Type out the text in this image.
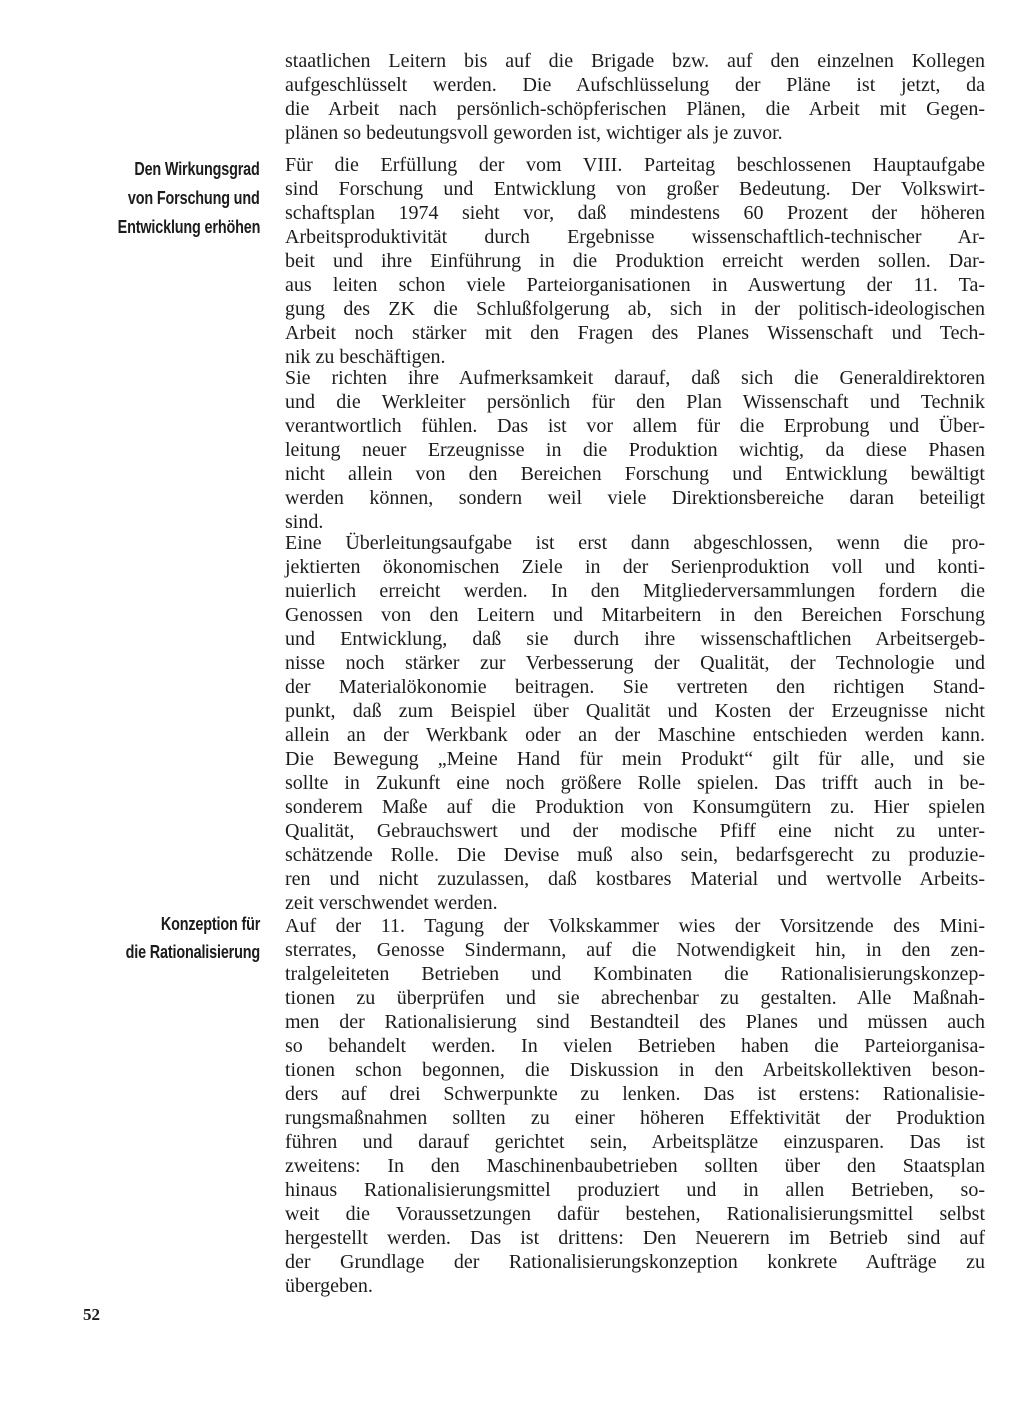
Den Wirkungsgrad
von Forschung und
Entwicklung erhöhen
Konzeption für
die Rationalisierung
staatlichen Leitern bis auf die Brigade bzw. auf den einzelnen Kollegen
aufgeschlüsselt werden. Die Aufschlüsselung der Pläne ist jetzt, da
die Arbeit nach persönlich-schöpferischen Plänen, die Arbeit mit Gegen-
plänen so bedeutungsvoll geworden ist, wichtiger als je zuvor.
Für die Erfüllung der vom VIII. Parteitag beschlossenen Hauptaufgabe
sind Forschung und Entwicklung von großer Bedeutung. Der Volkswirt-
schaftsplan 1974 sieht vor, daß mindestens 60 Prozent der höheren
Arbeitsproduktivität durch Ergebnisse wissenschaftlich-technischer Ar-
beit und ihre Einführung in die Produktion erreicht werden sollen. Dar-
aus leiten schon viele Parteiorganisationen in Auswertung der 11. Ta-
gung des ZK die Schlußfolgerung ab, sich in der politisch-ideologischen
Arbeit noch stärker mit den Fragen des Planes Wissenschaft und Tech-
nik zu beschäftigen.
Sie richten ihre Aufmerksamkeit darauf, daß sich die Generaldirektoren
und die Werkleiter persönlich für den Plan Wissenschaft und Technik
verantwortlich fühlen. Das ist vor allem für die Erprobung und Über-
leitung neuer Erzeugnisse in die Produktion wichtig, da diese Phasen
nicht allein von den Bereichen Forschung und Entwicklung bewältigt
werden können, sondern weil viele Direktionsbereiche daran beteiligt
sind.
Eine Überleitungsaufgabe ist erst dann abgeschlossen, wenn die pro-
jektierten ökonomischen Ziele in der Serienproduktion voll und konti-
nuierlich erreicht werden. In den Mitgliederversammlungen fordern die
Genossen von den Leitern und Mitarbeitern in den Bereichen Forschung
und Entwicklung, daß sie durch ihre wissenschaftlichen Arbeitsergeb-
nisse noch stärker zur Verbesserung der Qualität, der Technologie und
der Materialökonomie beitragen. Sie vertreten den richtigen Stand-
punkt, daß zum Beispiel über Qualität und Kosten der Erzeugnisse nicht
allein an der Werkbank oder an der Maschine entschieden werden kann.
Die Bewegung „Meine Hand für mein Produkt“ gilt für alle, und sie
sollte in Zukunft eine noch größere Rolle spielen. Das trifft auch in be-
sonderem Maße auf die Produktion von Konsumgütern zu. Hier spielen
Qualität, Gebrauchswert und der modische Pfiff eine nicht zu unter-
schätzende Rolle. Die Devise muß also sein, bedarfsgerecht zu produzie-
ren und nicht zuzulassen, daß kostbares Material und wertvolle Arbeits-
zeit verschwendet werden.
Auf der 11. Tagung der Volkskammer wies der Vorsitzende des Mini-
sterrates, Genosse Sindermann, auf die Notwendigkeit hin, in den zen-
tralgeleiteten Betrieben und Kombinaten die Rationalisierungskonzep-
tionen zu überprüfen und sie abrechenbar zu gestalten. Alle Maßnah-
men der Rationalisierung sind Bestandteil des Planes und müssen auch
so behandelt werden. In vielen Betrieben haben die Parteiorganisa-
tionen schon begonnen, die Diskussion in den Arbeitskollektiven beson-
ders auf drei Schwerpunkte zu lenken. Das ist erstens: Rationalisie-
rungsmaßnahmen sollten zu einer höheren Effektivität der Produktion
führen und darauf gerichtet sein, Arbeitsplätze einzusparen. Das ist
zweitens: In den Maschinenbaubetrieben sollten über den Staatsplan
hinaus Rationalisierungsmittel produziert und in allen Betrieben, so-
weit die Voraussetzungen dafür bestehen, Rationalisierungsmittel selbst
hergestellt werden. Das ist drittens: Den Neuerern im Betrieb sind auf
der Grundlage der Rationalisierungskonzeption konkrete Aufträge zu
übergeben.
52
